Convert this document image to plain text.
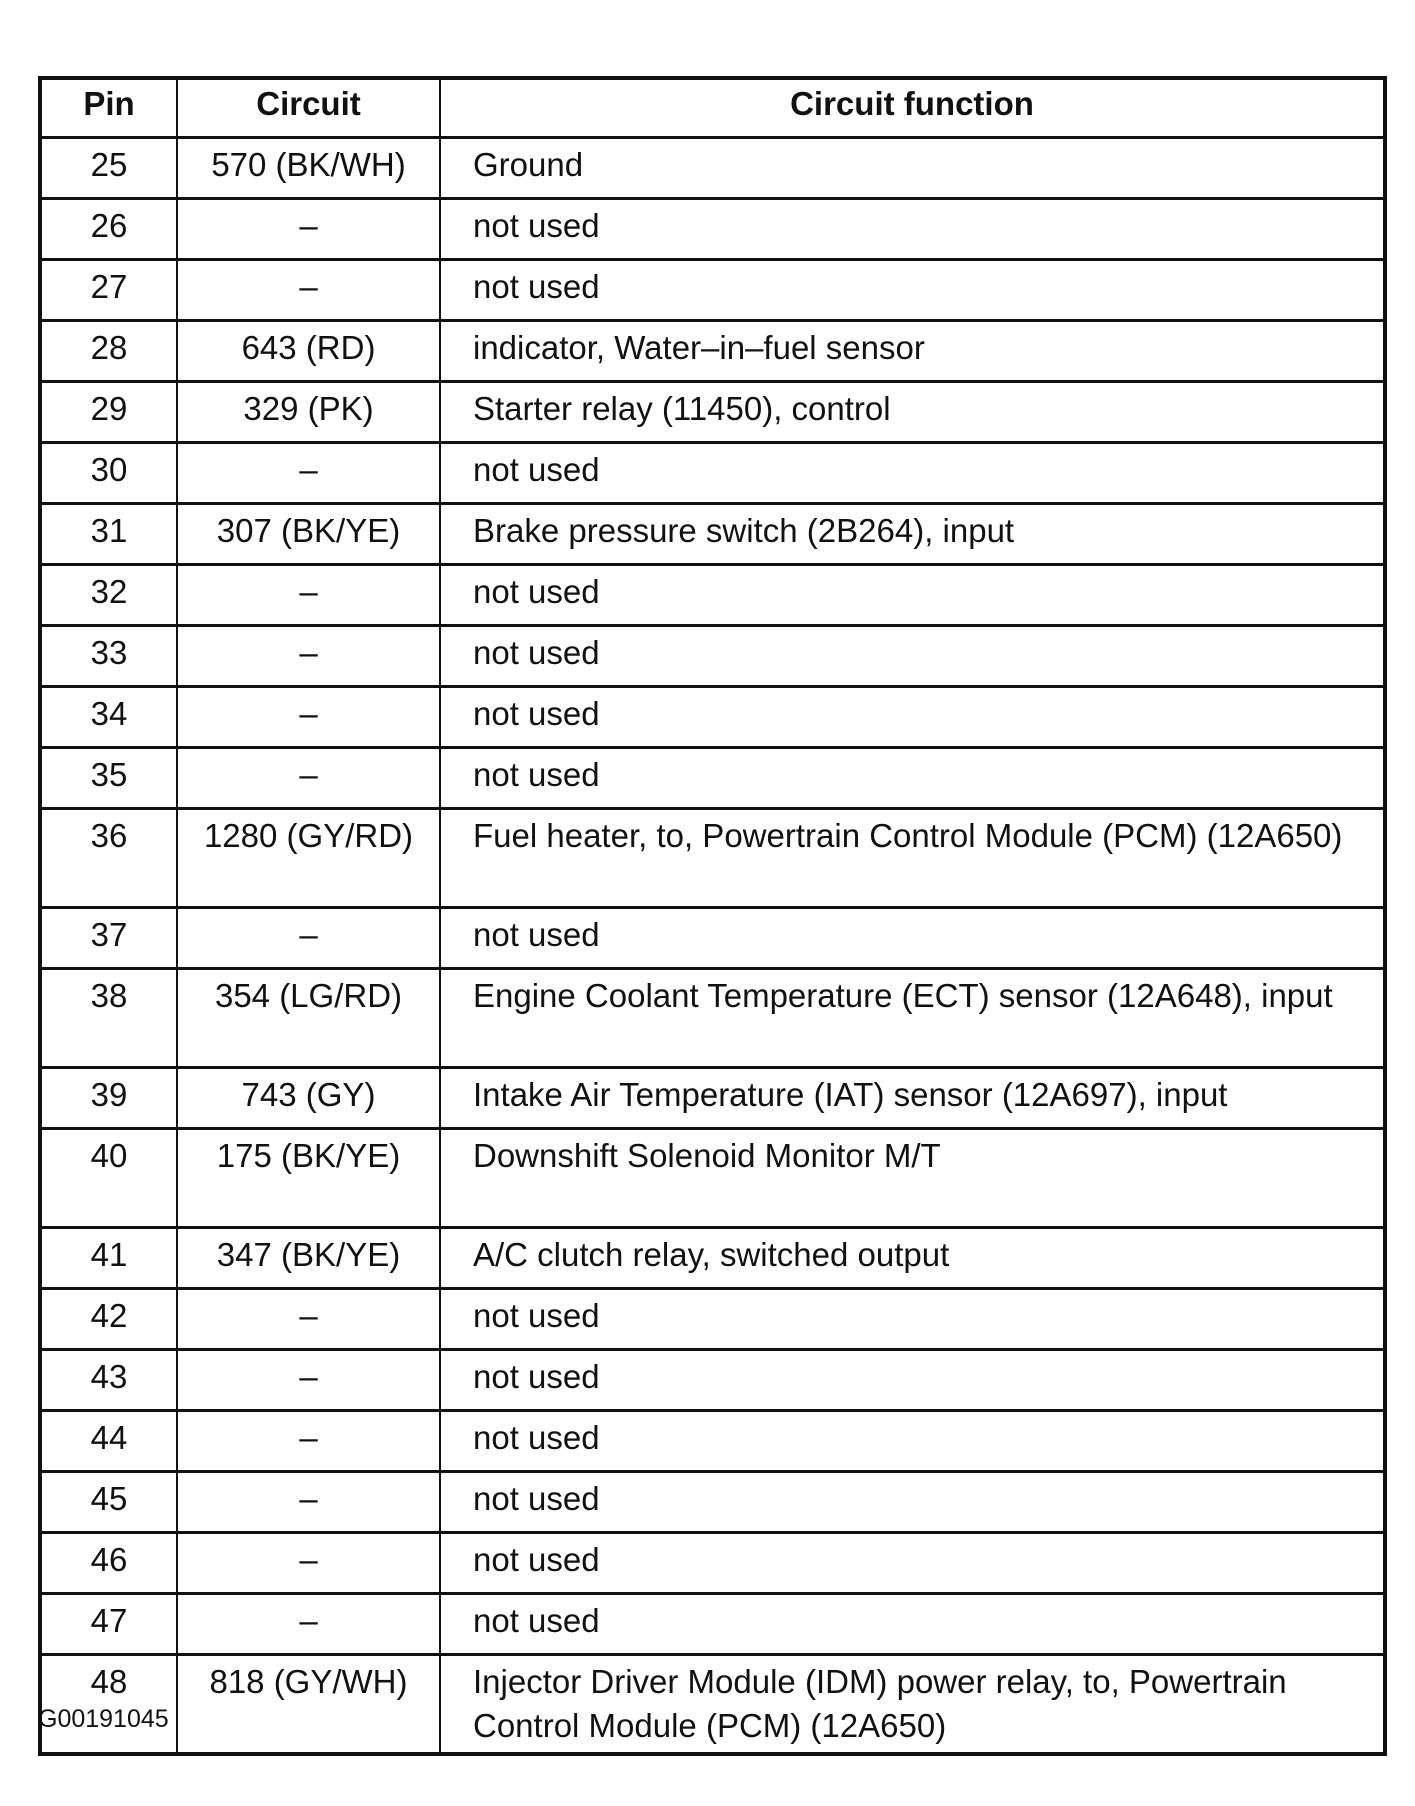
Pin	Circuit	Circuit function
25	570 (BK/WH)	Ground
26	–	not used
27	–	not used
28	643 (RD)	indicator, Water–in–fuel sensor
29	329 (PK)	Starter relay (11450), control
30	–	not used
31	307 (BK/YE)	Brake pressure switch (2B264), input
32	–	not used
33	–	not used
34	–	not used
35	–	not used
36	1280 (GY/RD)	Fuel heater, to, Powertrain Control Module (PCM) (12A650)
37	–	not used
38	354 (LG/RD)	Engine Coolant Temperature (ECT) sensor (12A648), input
39	743 (GY)	Intake Air Temperature (IAT) sensor (12A697), input
40	175 (BK/YE)	Downshift Solenoid Monitor M/T
41	347 (BK/YE)	A/C clutch relay, switched output
42	–	not used
43	–	not used
44	–	not used
45	–	not used
46	–	not used
47	–	not used
48	818 (GY/WH)	Injector Driver Module (IDM) power relay, to, Powertrain Control Module (PCM) (12A650)
G00191045
